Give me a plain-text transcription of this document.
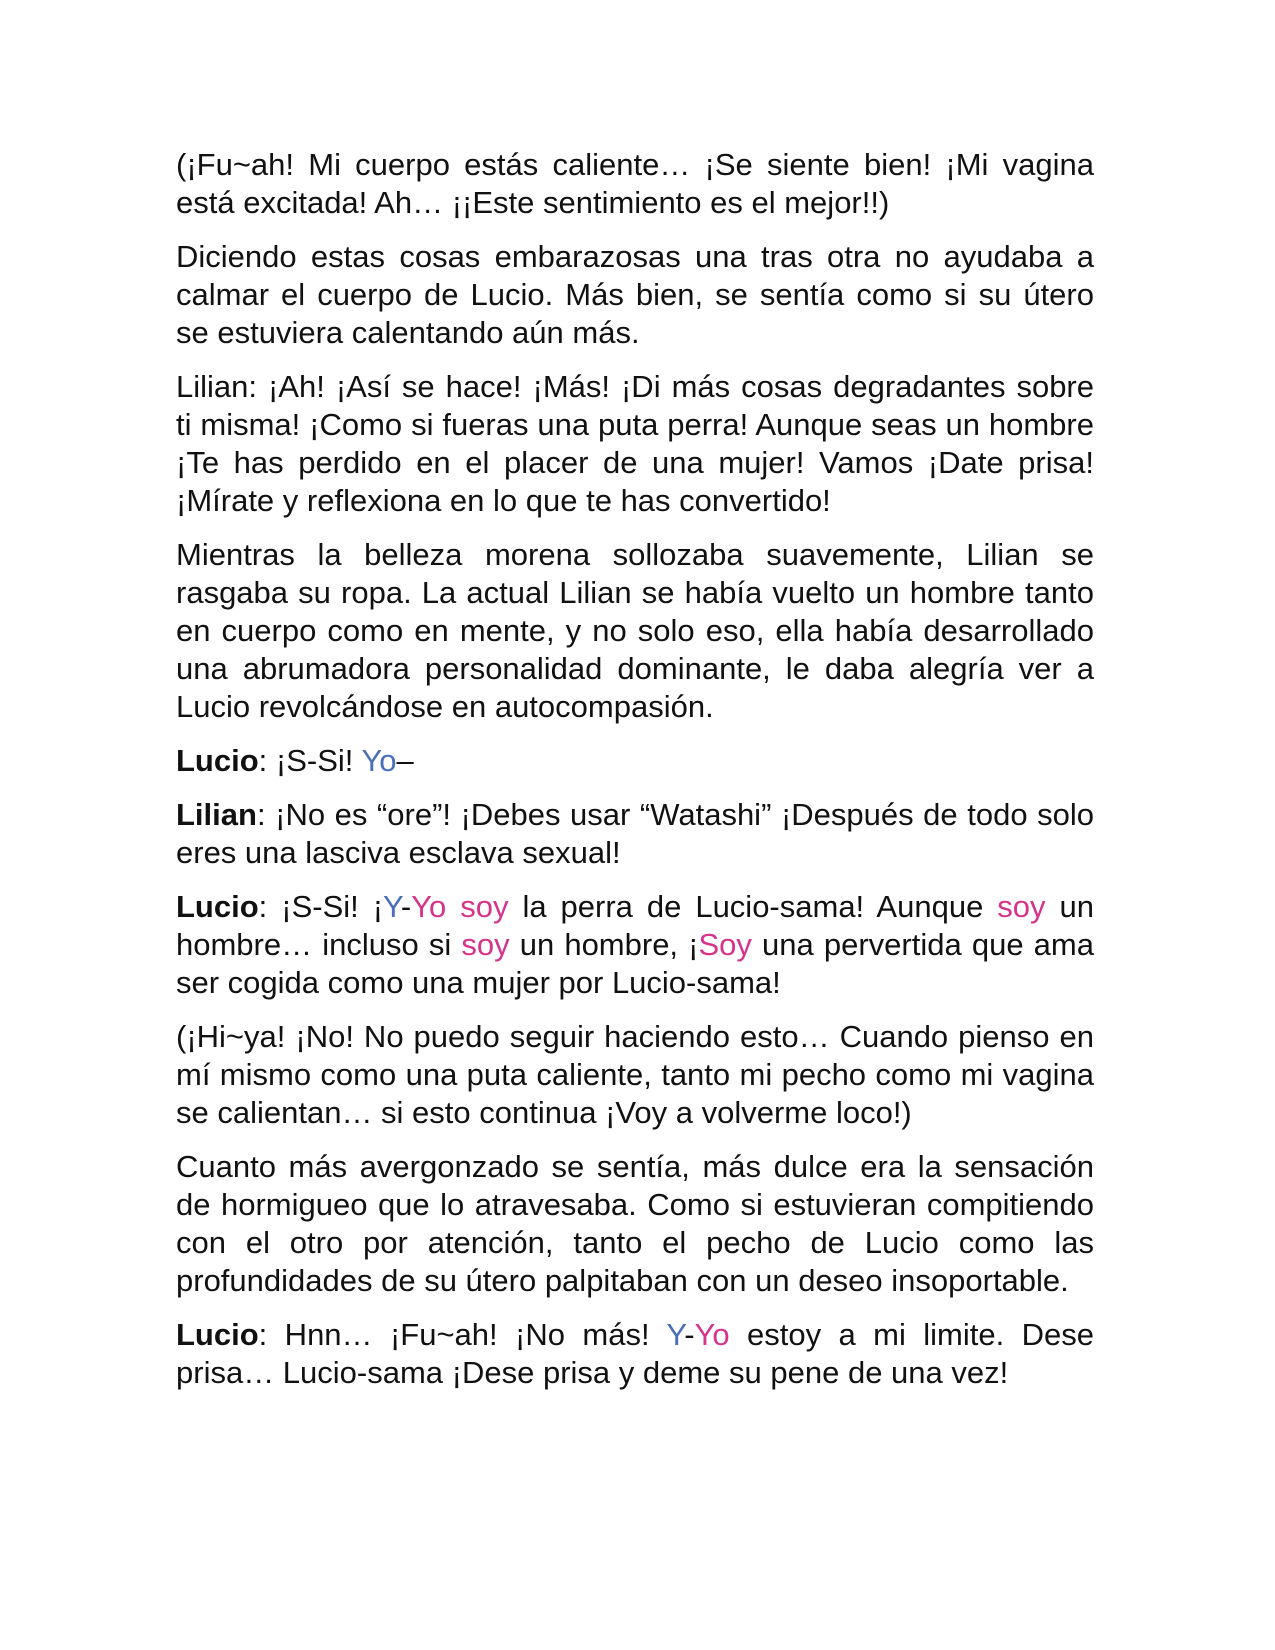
(¡Fu~ah! Mi cuerpo estás caliente… ¡Se siente bien! ¡Mi vagina está excitada! Ah… ¡¡Este sentimiento es el mejor!!)

Diciendo estas cosas embarazosas una tras otra no ayudaba a calmar el cuerpo de Lucio. Más bien, se sentía como si su útero se estuviera calentando aún más.

Lilian: ¡Ah! ¡Así se hace! ¡Más! ¡Di más cosas degradantes sobre ti misma! ¡Como si fueras una puta perra! Aunque seas un hombre ¡Te has perdido en el placer de una mujer! Vamos ¡Date prisa! ¡Mírate y reflexiona en lo que te has convertido!

Mientras la belleza morena sollozaba suavemente, Lilian se rasgaba su ropa. La actual Lilian se había vuelto un hombre tanto en cuerpo como en mente, y no solo eso, ella había desarrollado una abrumadora personalidad dominante, le daba alegría ver a Lucio revolcándose en autocompasión.

Lucio: ¡S-Si! Yo–

Lilian: ¡No es “ore”! ¡Debes usar “Watashi” ¡Después de todo solo eres una lasciva esclava sexual!

Lucio: ¡S-Si! ¡Y-Yo soy la perra de Lucio-sama! Aunque soy un hombre… incluso si soy un hombre, ¡Soy una pervertida que ama ser cogida como una mujer por Lucio-sama!

(¡Hi~ya! ¡No! No puedo seguir haciendo esto… Cuando pienso en mí mismo como una puta caliente, tanto mi pecho como mi vagina se calientan… si esto continua ¡Voy a volverme loco!)

Cuanto más avergonzado se sentía, más dulce era la sensación de hormigueo que lo atravesaba. Como si estuvieran compitiendo con el otro por atención, tanto el pecho de Lucio como las profundidades de su útero palpitaban con un deseo insoportable.

Lucio: Hnn… ¡Fu~ah! ¡No más! Y-Yo estoy a mi limite. Dese prisa… Lucio-sama ¡Dese prisa y deme su pene de una vez!
